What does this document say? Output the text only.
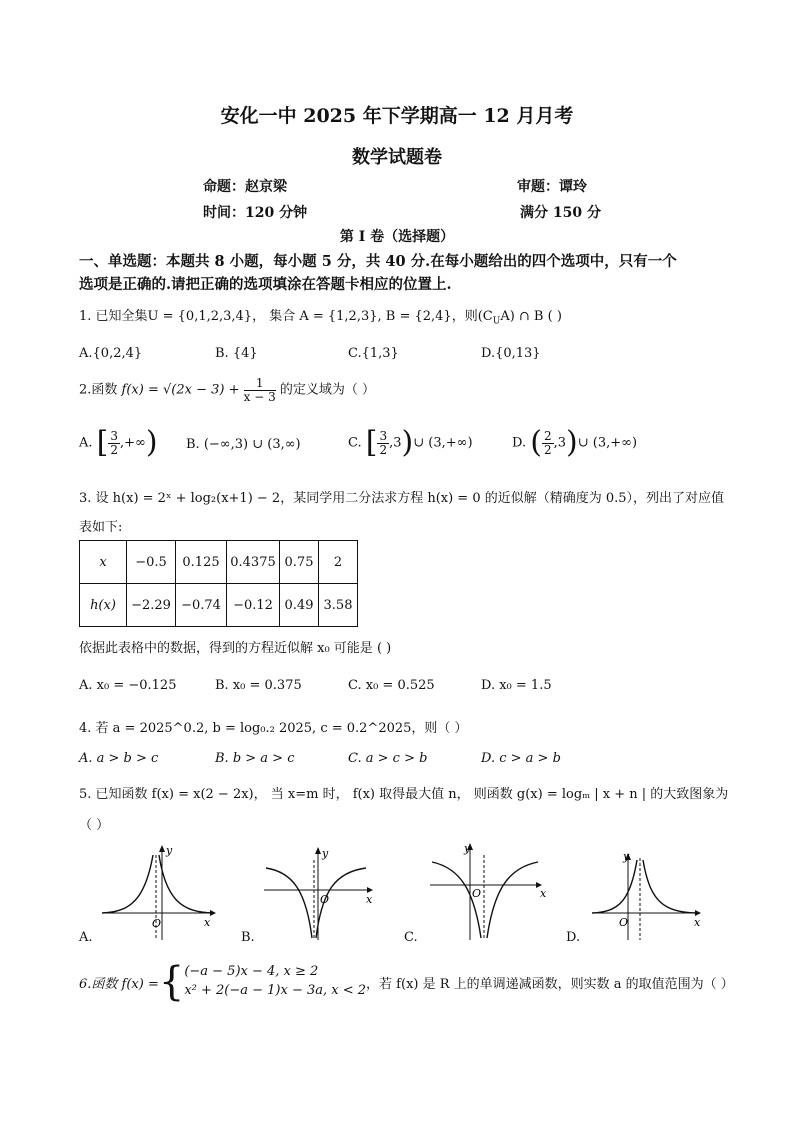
安化一中 2025 年下学期高一 12 月月考
数学试题卷
命题：赵京梁	审题：谭玲
时间：120 分钟	满分 150 分
第 Ⅰ 卷（选择题）
一、单选题：本题共 8 小题，每小题 5 分，共 40 分.在每小题给出的四个选项中，只有一个
选项是正确的.请把正确的选项填涂在答题卡相应的位置上.
1. 已知全集U = {0,1,2,3,4}， 集合 A = {1,2,3}, B = {2,4}，则$(C_UA)$ ∩ B ( )
A.{0,2,4}	B. {4}	C.{1,3}	D.{0,13}
2.函数 $f(x) = √(2x - 3) + \frac{1}{x - 3}$ 的定义域为（ ）
A. [ $\frac{3}{2}$ ,+∞) B. (−∞,3) ∪ (3,∞)	C. [ $\frac{3}{2}$ ,3)∪ (3,+∞)	D. ( $\frac{2}{2}$ ,3)∪ (3,+∞)
3. 设 h(x) = 2ˣ + log₂(x+1) − 2，某同学用二分法求方程 h(x) = 0 的近似解（精确度为 0.5），列出了对应值
表如下:
x	−0.5	0.125	0.4375	0.75	2
h(x)	−2.29	−0.74	−0.12	0.49	3.58
依据此表格中的数据，得到的方程近似解 x₀ 可能是 ( )
A. x₀ = −0.125	B. x₀ = 0.375	C. x₀ = 0.525	D. x₀ = 1.5
4. 若 a = 2025^0.2, b = log₀.₂ 2025, c = 0.2^2025，则（ ）
A. a > b > c	B. b > a > c	C. a > c > b	D. c > a > b
5. 已知函数 f(x) = x(2 − 2x)， 当 x=m 时， f(x) 取得最大值 n， 则函数 g(x) = logₘ | x + n | 的大致图象为
（ ）
y
x
O
y
x
O
y
x
O
y
x
O
A.	B.	C.	D.
6.函数 f(x) = { (−a − 5)x − 4, x ≥ 2
x² + 2(−a − 1)x − 3a, x < 2 ，若 f(x) 是 R 上的单调递减函数，则实数 a 的取值范围为（ ）
